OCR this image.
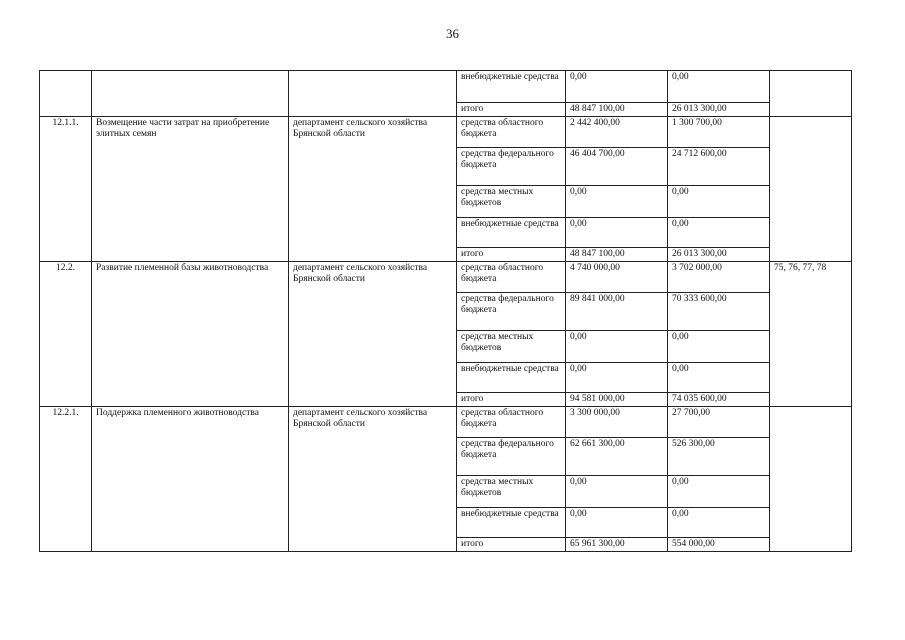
36
			внебюджетные средства	0,00	0,00	
			итого	48 847 100,00	26 013 300,00	
12.1.1.	Возмещение части затрат на приобретение элитных семян	департамент сельского хозяйства Брянской области	средства областного бюджета	2 442 400,00	1 300 700,00	
			средства федерального бюджета	46 404 700,00	24 712 600,00	
			средства местных бюджетов	0,00	0,00	
			внебюджетные средства	0,00	0,00	
			итого	48 847 100,00	26 013 300,00	
12.2.	Развитие племенной базы животноводства	департамент сельского хозяйства Брянской области	средства областного бюджета	4 740 000,00	3 702 000,00	75, 76, 77, 78
			средства федерального бюджета	89 841 000,00	70 333 600,00	
			средства местных бюджетов	0,00	0,00	
			внебюджетные средства	0,00	0,00	
			итого	94 581 000,00	74 035 600,00	
12.2.1.	Поддержка племенного животноводства	департамент сельского хозяйства Брянской области	средства областного бюджета	3 300 000,00	27 700,00	
			средства федерального бюджета	62 661 300,00	526 300,00	
			средства местных бюджетов	0,00	0,00	
			внебюджетные средства	0,00	0,00	
			итого	65 961 300,00	554 000,00	
